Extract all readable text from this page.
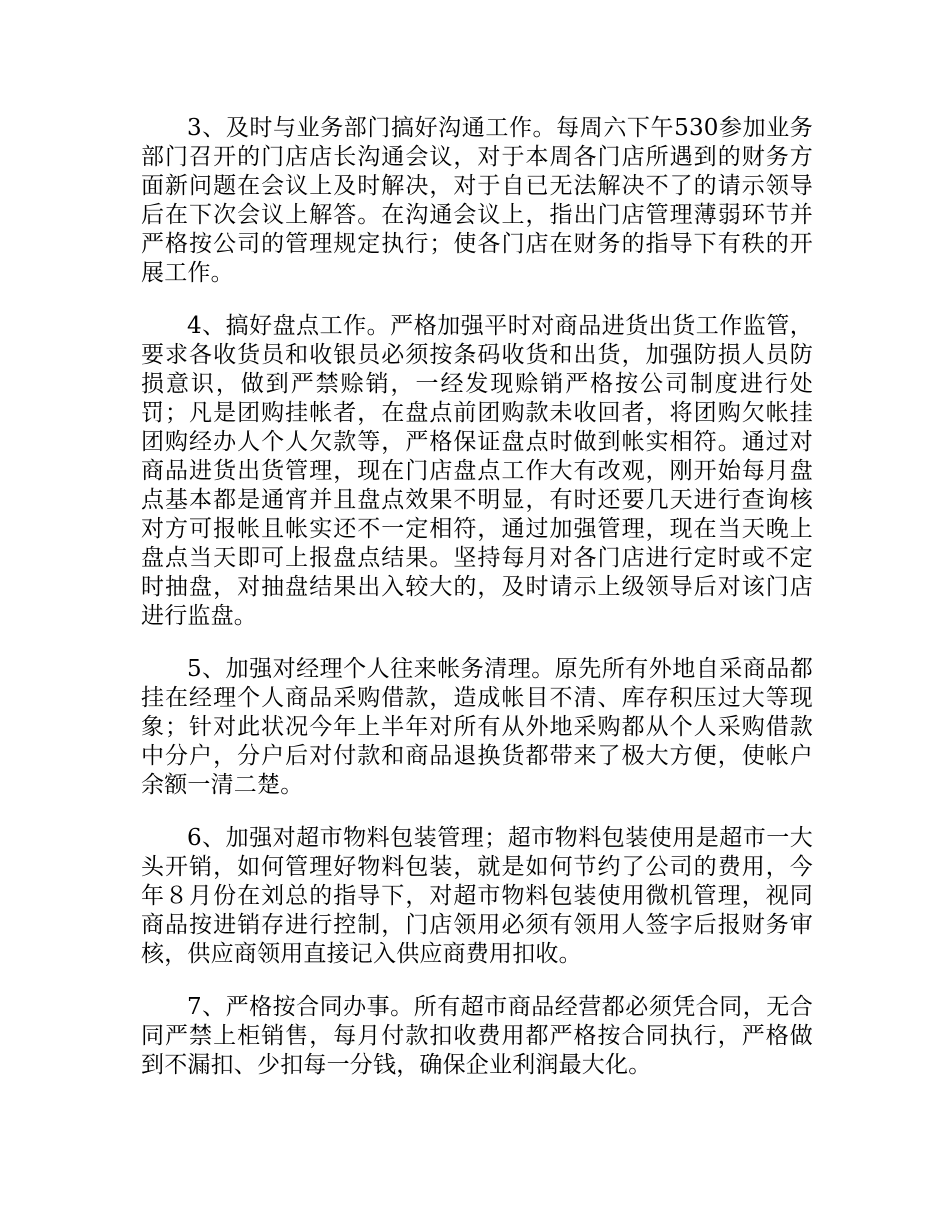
3、及时与业务部门搞好沟通工作。每周六下午530参加业务部门召开的门店店长沟通会议，对于本周各门店所遇到的财务方面新问题在会议上及时解决，对于自已无法解决不了的请示领导后在下次会议上解答。在沟通会议上，指出门店管理薄弱环节并严格按公司的管理规定执行；使各门店在财务的指导下有秩的开展工作。

4、搞好盘点工作。严格加强平时对商品进货出货工作监管，要求各收货员和收银员必须按条码收货和出货，加强防损人员防损意识，做到严禁赊销，一经发现赊销严格按公司制度进行处罚；凡是团购挂帐者，在盘点前团购款未收回者，将团购欠帐挂团购经办人个人欠款等，严格保证盘点时做到帐实相符。通过对商品进货出货管理，现在门店盘点工作大有改观，刚开始每月盘点基本都是通宵并且盘点效果不明显，有时还要几天进行查询核对方可报帐且帐实还不一定相符，通过加强管理，现在当天晚上盘点当天即可上报盘点结果。坚持每月对各门店进行定时或不定时抽盘，对抽盘结果出入较大的，及时请示上级领导后对该门店进行监盘。

5、加强对经理个人往来帐务清理。原先所有外地自采商品都挂在经理个人商品采购借款，造成帐目不清、库存积压过大等现象；针对此状况今年上半年对所有从外地采购都从个人采购借款中分户，分户后对付款和商品退换货都带来了极大方便，使帐户余额一清二楚。

6、加强对超市物料包装管理；超市物料包装使用是超市一大头开销，如何管理好物料包装，就是如何节约了公司的费用，今年８月份在刘总的指导下，对超市物料包装使用微机管理，视同商品按进销存进行控制，门店领用必须有领用人签字后报财务审核，供应商领用直接记入供应商费用扣收。

7、严格按合同办事。所有超市商品经营都必须凭合同，无合同严禁上柜销售，每月付款扣收费用都严格按合同执行，严格做到不漏扣、少扣每一分钱，确保企业利润最大化。
